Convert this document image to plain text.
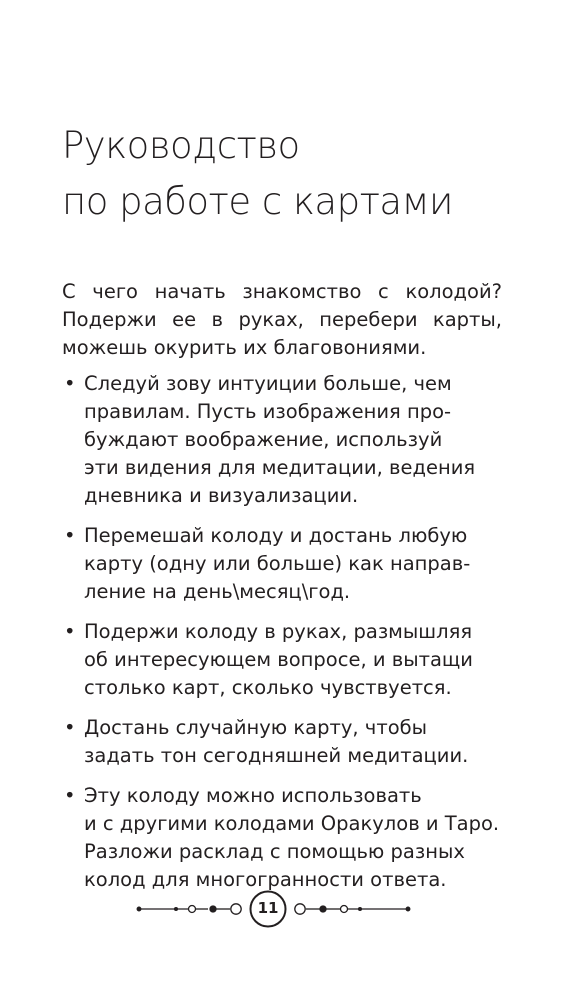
Руководство
по работе с картами

С чего начать знакомство с колодой?
Подержи ее в руках, перебери карты,
можешь окурить их благовониями.

• Следуй зову интуиции больше, чем
правилам. Пусть изображения про-
буждают воображение, используй
эти видения для медитации, ведения
дневника и визуализации.
• Перемешай колоду и достань любую
карту (одну или больше) как направ-
ление на день\месяц\год.
• Подержи колоду в руках, размышляя
об интересующем вопросе, и вытащи
столько карт, сколько чувствуется.
• Достань случайную карту, чтобы
задать тон сегодняшней медитации.
• Эту колоду можно использовать
и с другими колодами Оракулов и Таро.
Разложи расклад с помощью разных
колод для многогранности ответа.
11
